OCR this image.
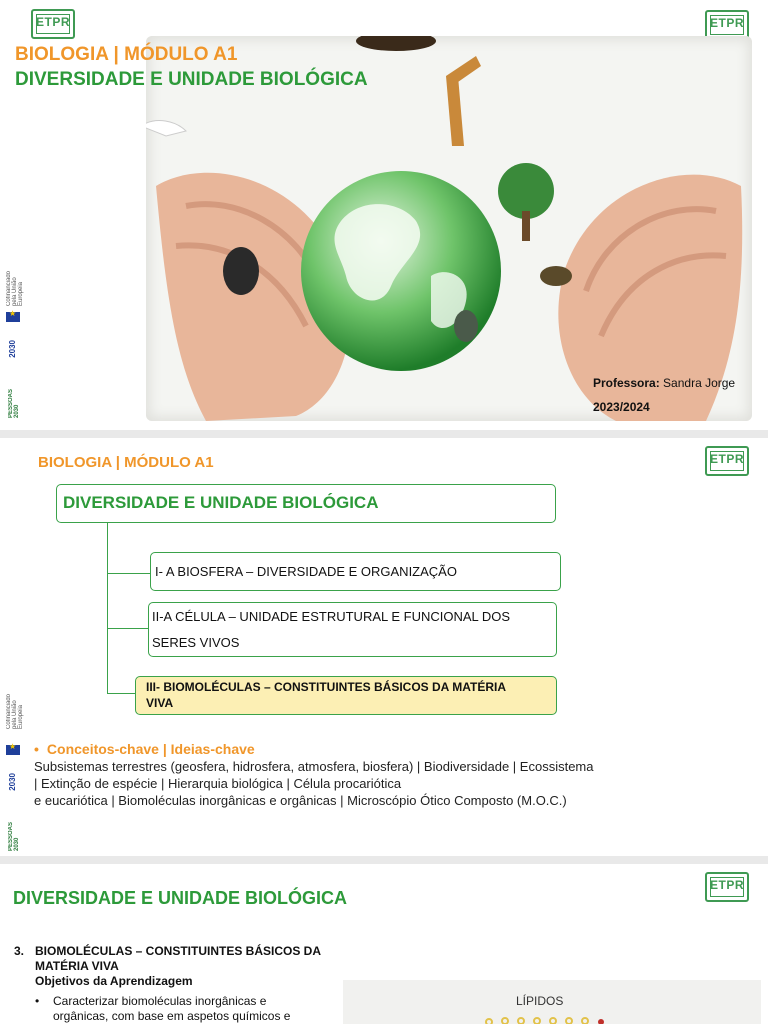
ETPR	ETPR
BIOLOGIA | MÓDULO A1
DIVERSIDADE E UNIDADE BIOLÓGICA
Professora: Sandra Jorge
2023/2024
Cofinanciado pela União Europeia
★
2030
PESSOAS 2030
ETPR
BIOLOGIA | MÓDULO A1
DIVERSIDADE E UNIDADE BIOLÓGICA
I- A BIOSFERA – DIVERSIDADE E ORGANIZAÇÃO
II-A CÉLULA – UNIDADE ESTRUTURAL E FUNCIONAL DOS
SERES VIVOS
III- BIOMOLÉCULAS – CONSTITUINTES BÁSICOS DA MATÉRIA
VIVA
• Conceitos-chave | Ideias-chave
Subsistemas terrestres (geosfera, hidrosfera, atmosfera, biosfera) | Biodiversidade | Ecossistema
| Extinção de espécie | Hierarquia biológica | Célula procariótica
e eucariótica | Biomoléculas inorgânicas e orgânicas | Microscópio Ótico Composto (M.O.C.)
Cofinanciado pela União Europeia
★
2030
PESSOAS 2030
ETPR
DIVERSIDADE E UNIDADE BIOLÓGICA
3. BIOMOLÉCULAS – CONSTITUINTES BÁSICOS DA
MATÉRIA VIVA
Objetivos da Aprendizagem
• Caracterizar biomoléculas inorgânicas e
orgânicas, com base em aspetos químicos e
LÍPIDOS
